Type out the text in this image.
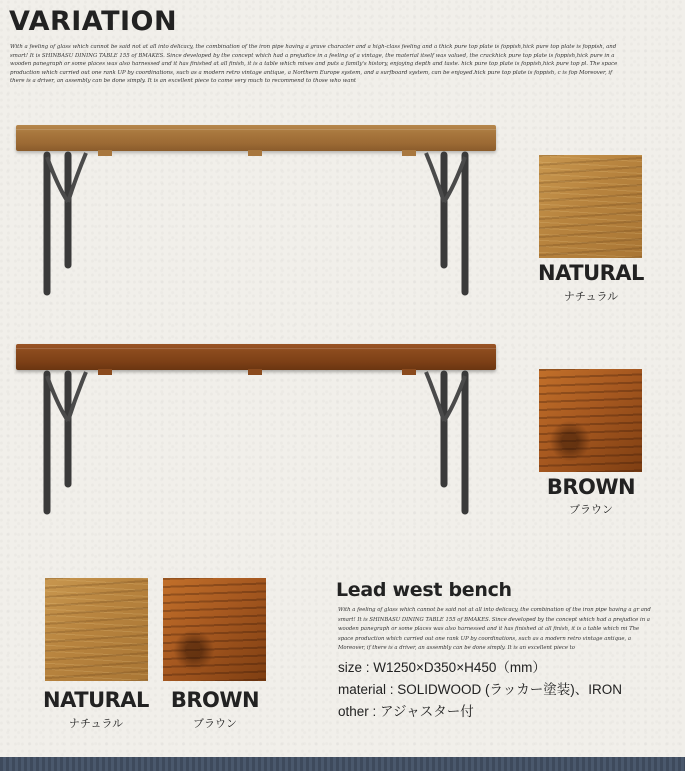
VARIATION

With a feeling of glass which cannot be said not at all into delicacy, the combination of the iron pipe having a grave character and a high-class feeling and a thick pure top plate is foppish,hick pure top plate is foppish, and smart! It is SHINBASU DINING TABLE 155 of BMAKES. Since developed by the concept which had a prejudice in a feeling of a vintage, the material itself was valued, the crackhick pure top plate is foppish,hick pure in a wooden panegraph or some places was also harnessed and it has finished at all finish, it is a table which mixes and puts a family's history, enjoying depth and taste. hick pure top plate is foppish,hick pure top pl. The space production which carried out one rank UP by coordinations, such as a modern retro vintage antique, a Northern Europe system, and a surfboard system, can be enjoyed.hick pure top plate is foppish, c is fop Moreover, if there is a driver, an assembly can be done simply. It is an excellent piece to come very much to recommend to those who want

NATURAL
ナチュラル
BROWN
ブラウン
NATURAL
ナチュラル
BROWN
ブラウン
Lead west bench

With a feeling of glass which cannot be said not at all into delicacy, the combination of the iron pipe having a gr and smart! It is SHINBASU DINING TABLE 155 of BMAKES. Since developed by the concept which had a prejudice in a wooden panegraph or some places was also harnessed and it has finished at all finish, it is a table which mi The space production which carried out one rank UP by coordinations, such as a modern retro vintage antique, a Moreover, if there is a driver, an assembly can be done simply. It is an excellent piece to

size : W1250×D350×H450（mm）
material : SOLIDWOOD (ラッカー塗装)、IRON
other : アジャスター付
